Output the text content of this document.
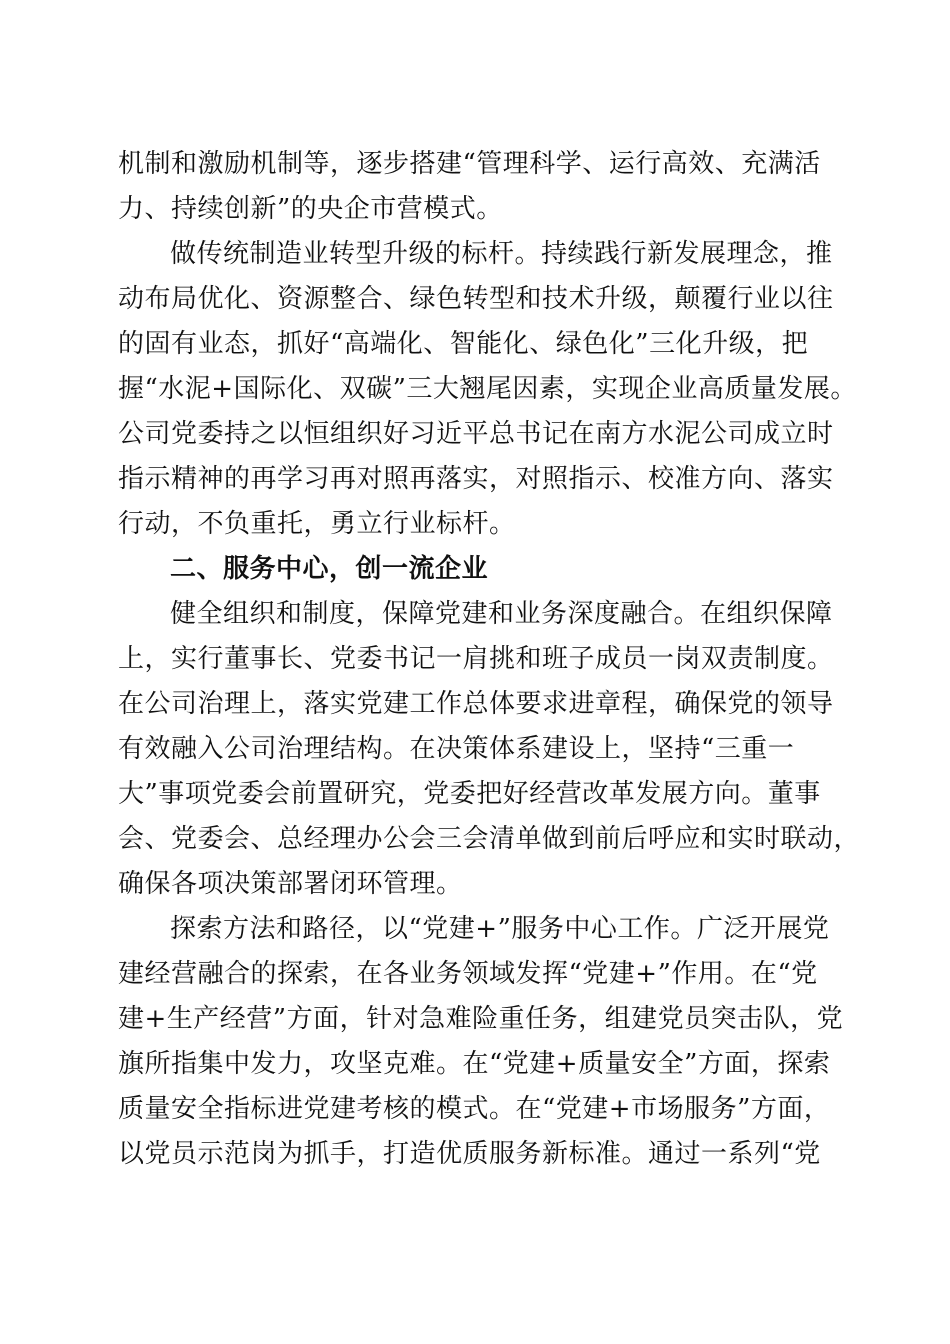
机制和激励机制等，逐步搭建“管理科学、运行高效、充满活
力、持续创新”的央企市营模式。
做传统制造业转型升级的标杆。持续践行新发展理念，推
动布局优化、资源整合、绿色转型和技术升级，颠覆行业以往
的固有业态，抓好“高端化、智能化、绿色化”三化升级，把
握“水泥+国际化、双碳”三大翘尾因素，实现企业高质量发展。
公司党委持之以恒组织好习近平总书记在南方水泥公司成立时
指示精神的再学习再对照再落实，对照指示、校准方向、落实
行动，不负重托，勇立行业标杆。
二、服务中心，创一流企业
健全组织和制度，保障党建和业务深度融合。在组织保障
上，实行董事长、党委书记一肩挑和班子成员一岗双责制度。
在公司治理上，落实党建工作总体要求进章程，确保党的领导
有效融入公司治理结构。在决策体系建设上，坚持“三重一
大”事项党委会前置研究，党委把好经营改革发展方向。董事
会、党委会、总经理办公会三会清单做到前后呼应和实时联动，
确保各项决策部署闭环管理。
探索方法和路径，以“党建+”服务中心工作。广泛开展党
建经营融合的探索，在各业务领域发挥“党建+”作用。在“党
建+生产经营”方面，针对急难险重任务，组建党员突击队，党
旗所指集中发力，攻坚克难。在“党建+质量安全”方面，探索
质量安全指标进党建考核的模式。在“党建+市场服务”方面，
以党员示范岗为抓手，打造优质服务新标准。通过一系列“党
